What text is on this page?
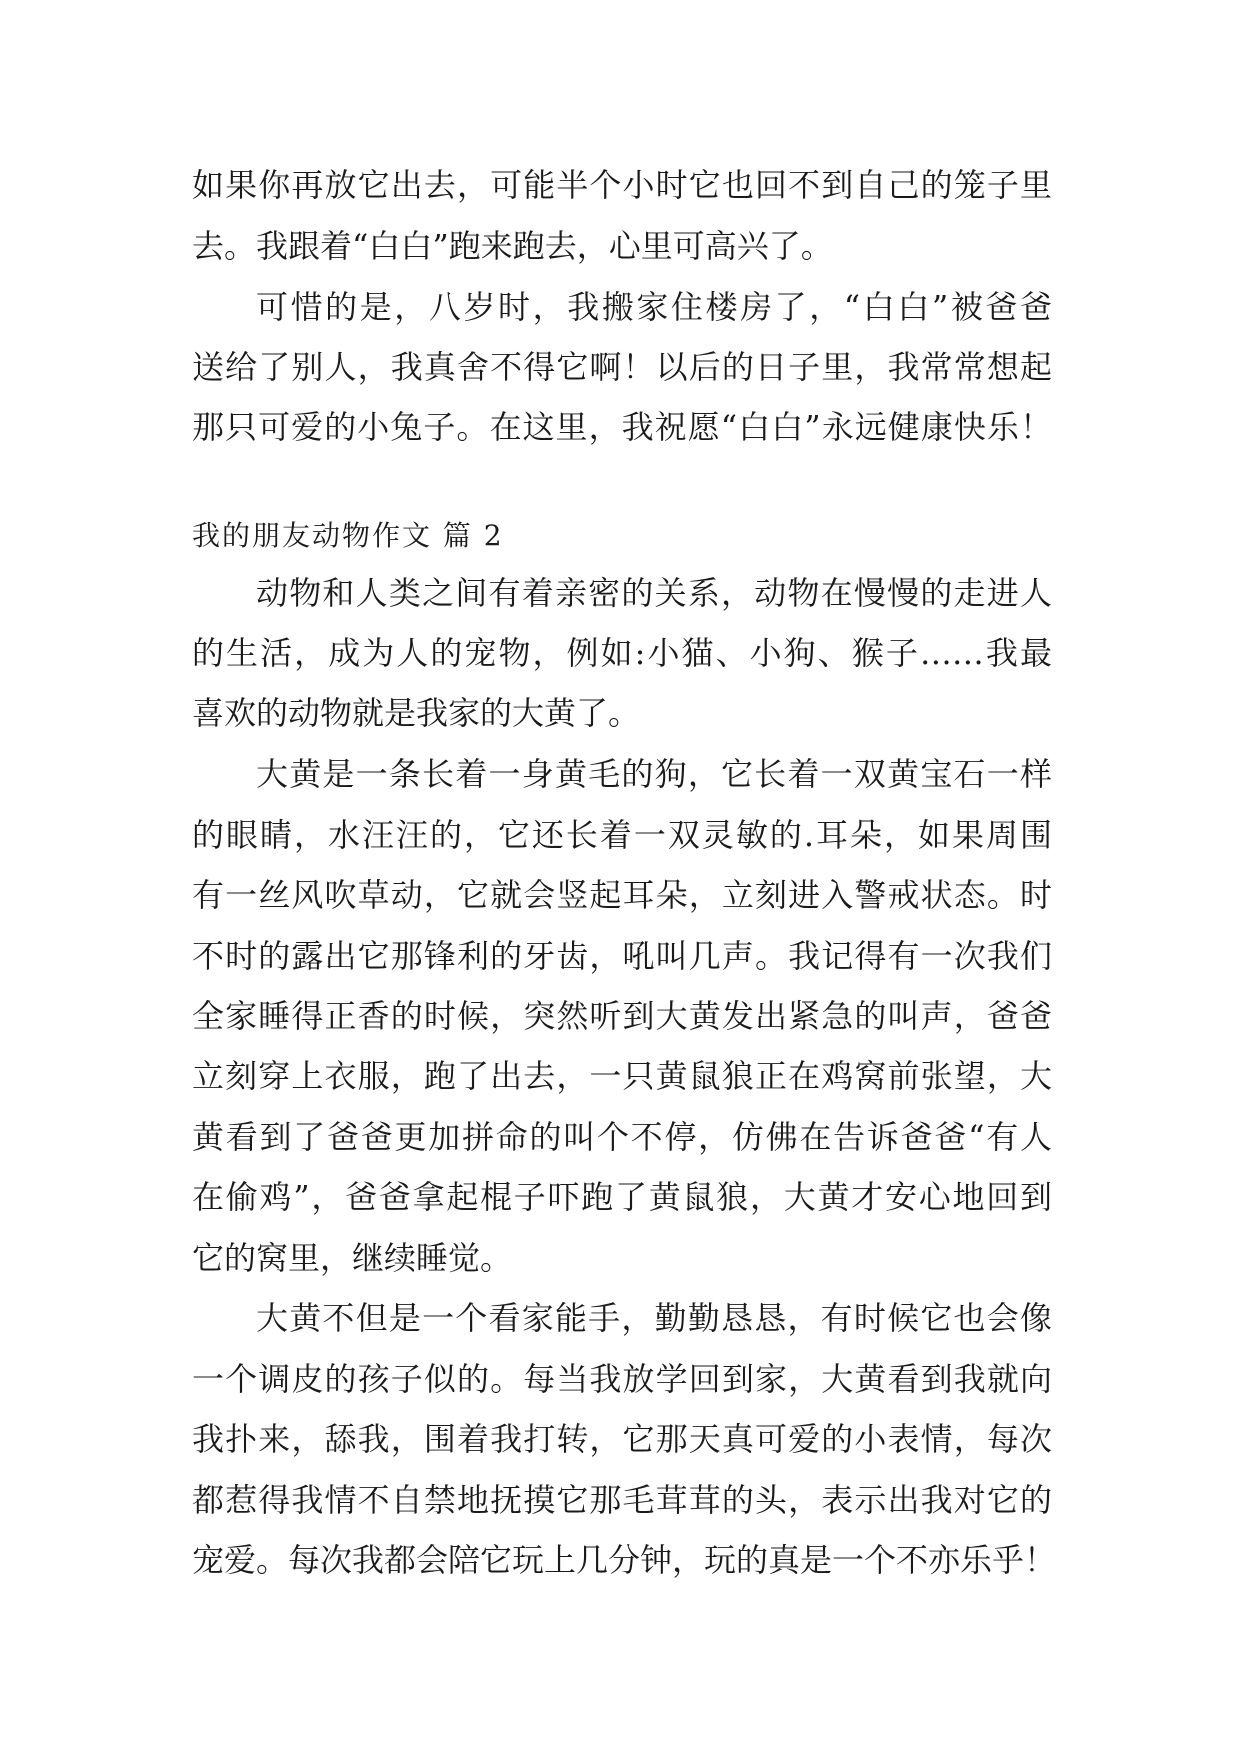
如果你再放它出去，可能半个小时它也回不到自己的笼子里
去。我跟着“白白”跑来跑去，心里可高兴了。
可惜的是，八岁时，我搬家住楼房了，“白白”被爸爸
送给了别人，我真舍不得它啊！以后的日子里，我常常想起
那只可爱的小兔子。在这里，我祝愿“白白”永远健康快乐！
我的朋友动物作文 篇 2
动物和人类之间有着亲密的关系，动物在慢慢的走进人
的生活，成为人的宠物，例如:小猫、小狗、猴子……我最
喜欢的动物就是我家的大黄了。
大黄是一条长着一身黄毛的狗，它长着一双黄宝石一样
的眼睛，水汪汪的，它还长着一双灵敏的.耳朵，如果周围
有一丝风吹草动，它就会竖起耳朵，立刻进入警戒状态。时
不时的露出它那锋利的牙齿，吼叫几声。我记得有一次我们
全家睡得正香的时候，突然听到大黄发出紧急的叫声，爸爸
立刻穿上衣服，跑了出去，一只黄鼠狼正在鸡窝前张望，大
黄看到了爸爸更加拼命的叫个不停，仿佛在告诉爸爸“有人
在偷鸡”，爸爸拿起棍子吓跑了黄鼠狼，大黄才安心地回到
它的窝里，继续睡觉。
大黄不但是一个看家能手，勤勤恳恳，有时候它也会像
一个调皮的孩子似的。每当我放学回到家，大黄看到我就向
我扑来，舔我，围着我打转，它那天真可爱的小表情，每次
都惹得我情不自禁地抚摸它那毛茸茸的头，表示出我对它的
宠爱。每次我都会陪它玩上几分钟，玩的真是一个不亦乐乎！
